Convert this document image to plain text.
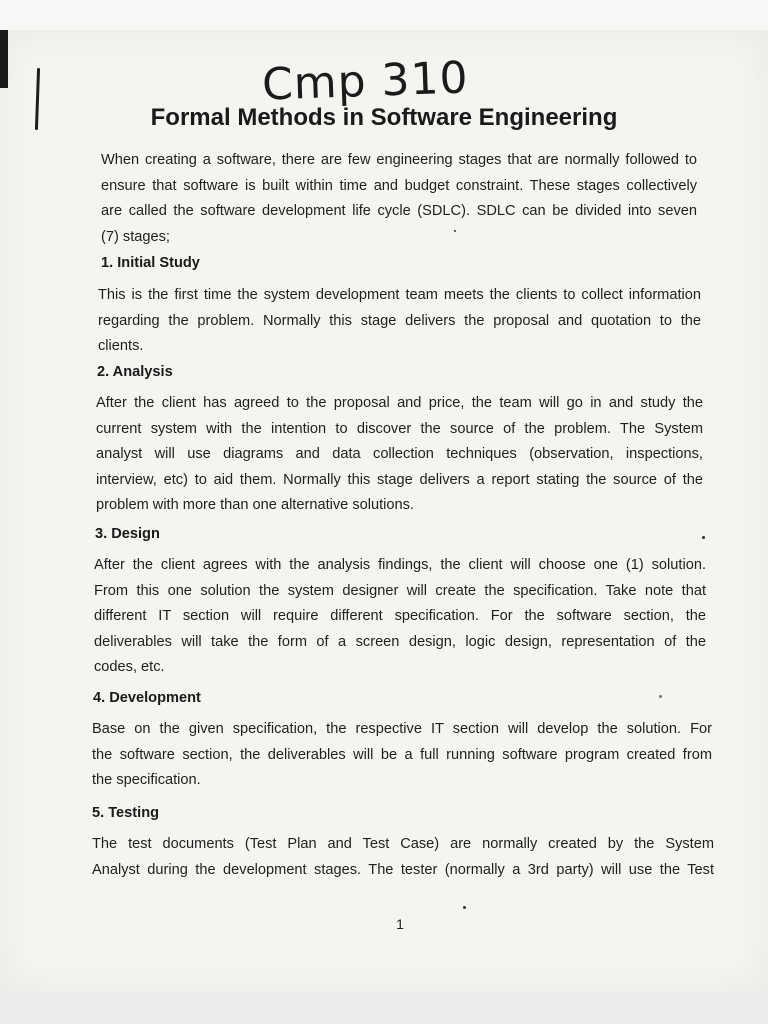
Cmp 310
Formal Methods in Software Engineering
When creating a software, there are few engineering stages that are normally followed to
ensure that software is built within time and budget constraint. These stages collectively
are called the software development life cycle (SDLC). SDLC can be divided into seven
(7) stages;
1. Initial Study
This is the first time the system development team meets the clients to collect information
regarding the problem. Normally this stage delivers the proposal and quotation to the
clients.
2. Analysis
After the client has agreed to the proposal and price, the team will go in and study the
current system with the intention to discover the source of the problem. The System
analyst will use diagrams and data collection techniques (observation, inspections,
interview, etc) to aid them. Normally this stage delivers a report stating the source of the
problem with more than one alternative solutions.
3. Design
After the client agrees with the analysis findings, the client will choose one (1) solution.
From this one solution the system designer will create the specification. Take note that
different IT section will require different specification. For the software section, the
deliverables will take the form of a screen design, logic design, representation of the
codes, etc.
4. Development
Base on the given specification, the respective IT section will develop the solution. For
the software section, the deliverables will be a full running software program created from
the specification.
5. Testing
The test documents (Test Plan and Test Case) are normally created by the System
Analyst during the development stages. The tester (normally a 3rd party) will use the Test
1
